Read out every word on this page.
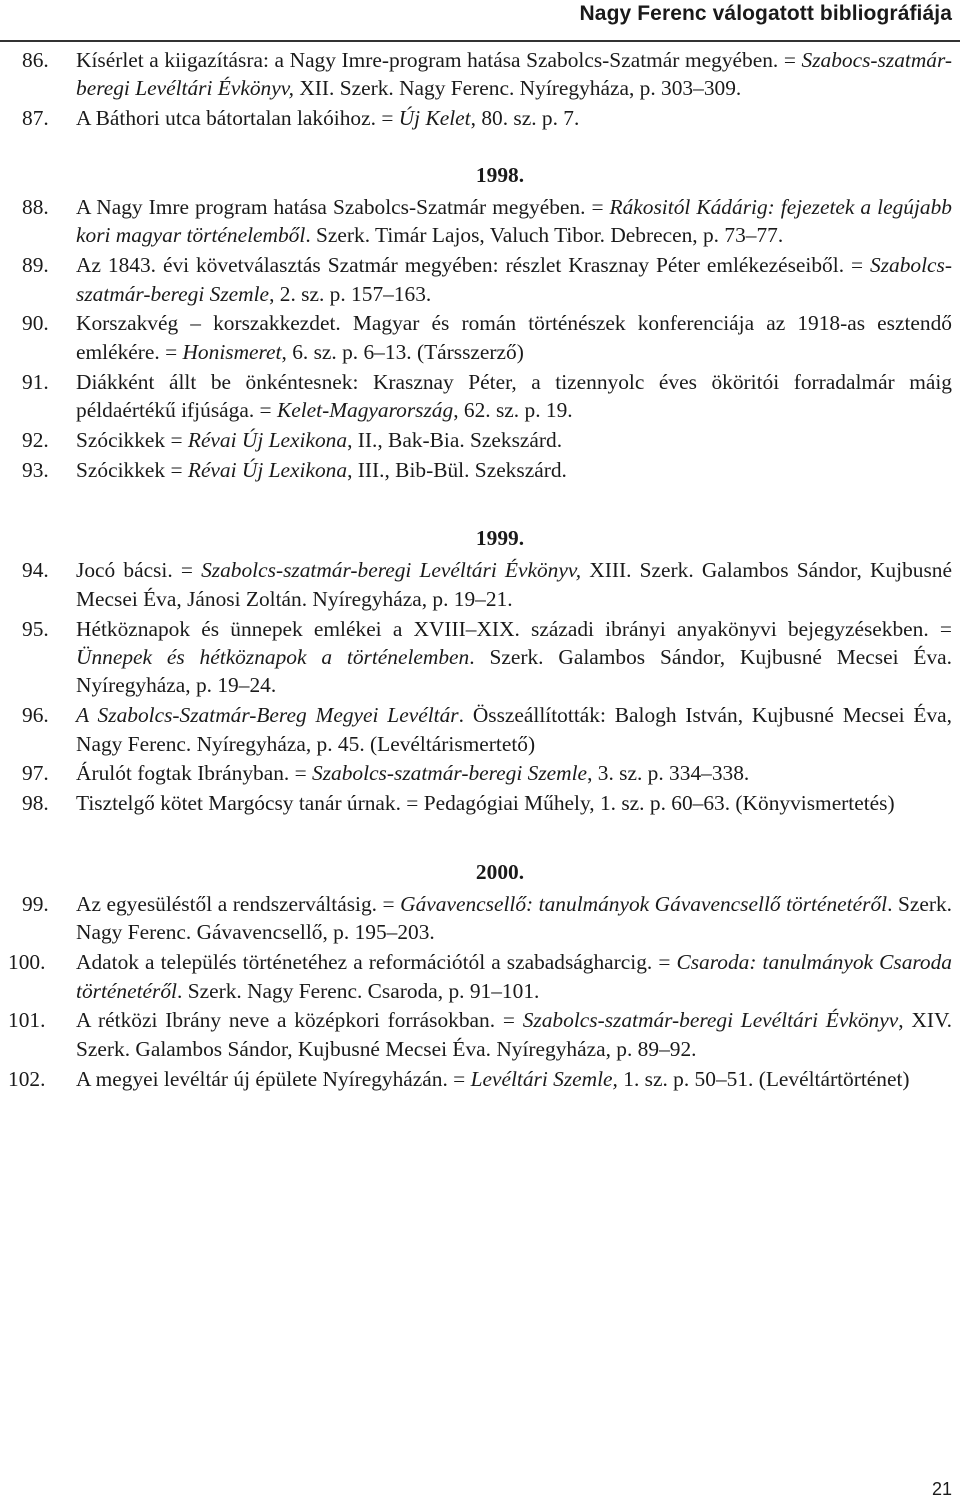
Nagy Ferenc válogatott bibliográfiája
86.	Kísérlet a kiigazításra: a Nagy Imre-program hatása Szabolcs-Szatmár megyében. = Szabocs-szatmár-beregi Levéltári Évkönyv, XII. Szerk. Nagy Ferenc. Nyíregyháza, p. 303–309.
87.	A Báthori utca bátortalan lakóihoz. = Új Kelet, 80. sz. p. 7.
1998.
88.	A Nagy Imre program hatása Szabolcs-Szatmár megyében. = Rákositól Kádárig: fejezetek a legújabb kori magyar történelemből. Szerk. Timár Lajos, Valuch Tibor. Debrecen, p. 73–77.
89.	Az 1843. évi követválasztás Szatmár megyében: részlet Krasznay Péter emlékezéseiből. = Szabolcs-szatmár-beregi Szemle, 2. sz. p. 157–163.
90.	Korszakvég – korszakkezdet. Magyar és román történészek konferenciája az 1918-as esztendő emlékére. = Honismeret, 6. sz. p. 6–13. (Társszerző)
91.	Diákként állt be önkéntesnek: Krasznay Péter, a tizennyolc éves ököritói forradalmár máig példaértékű ifjúsága. = Kelet-Magyarország, 62. sz. p. 19.
92.	Szócikkek = Révai Új Lexikona, II., Bak-Bia. Szekszárd.
93.	Szócikkek = Révai Új Lexikona, III., Bib-Bül. Szekszárd.
1999.
94.	Jocó bácsi. = Szabolcs-szatmár-beregi Levéltári Évkönyv, XIII. Szerk. Galambos Sándor, Kujbusné Mecsei Éva, Jánosi Zoltán. Nyíregyháza, p. 19–21.
95.	Hétköznapok és ünnepek emlékei a XVIII–XIX. századi ibrányi anyakönyvi bejegyzésekben. = Ünnepek és hétköznapok a történelemben. Szerk. Galambos Sándor, Kujbusné Mecsei Éva. Nyíregyháza, p. 19–24.
96.	A Szabolcs-Szatmár-Bereg Megyei Levéltár. Összeállították: Balogh István, Kujbusné Mecsei Éva, Nagy Ferenc. Nyíregyháza, p. 45. (Levéltárismertető)
97.	Árulót fogtak Ibrányban. = Szabolcs-szatmár-beregi Szemle, 3. sz. p. 334–338.
98.	Tisztelgő kötet Margócsy tanár úrnak. = Pedagógiai Műhely, 1. sz. p. 60–63. (Könyvismertetés)
2000.
99.	Az egyesüléstől a rendszerváltásig. = Gávavencsellő: tanulmányok Gávavencsellő történetéről. Szerk. Nagy Ferenc. Gávavencsellő, p. 195–203.
100.	Adatok a település történetéhez a reformációtól a szabadságharcig. = Csaroda: tanulmányok Csaroda történetéről. Szerk. Nagy Ferenc. Csaroda, p. 91–101.
101.	A rétközi Ibrány neve a középkori forrásokban. = Szabolcs-szatmár-beregi Levéltári Évkönyv, XIV. Szerk. Galambos Sándor, Kujbusné Mecsei Éva. Nyíregyháza, p. 89–92.
102.	A megyei levéltár új épülete Nyíregyházán. = Levéltári Szemle, 1. sz. p. 50–51. (Levéltártörténet)
21
